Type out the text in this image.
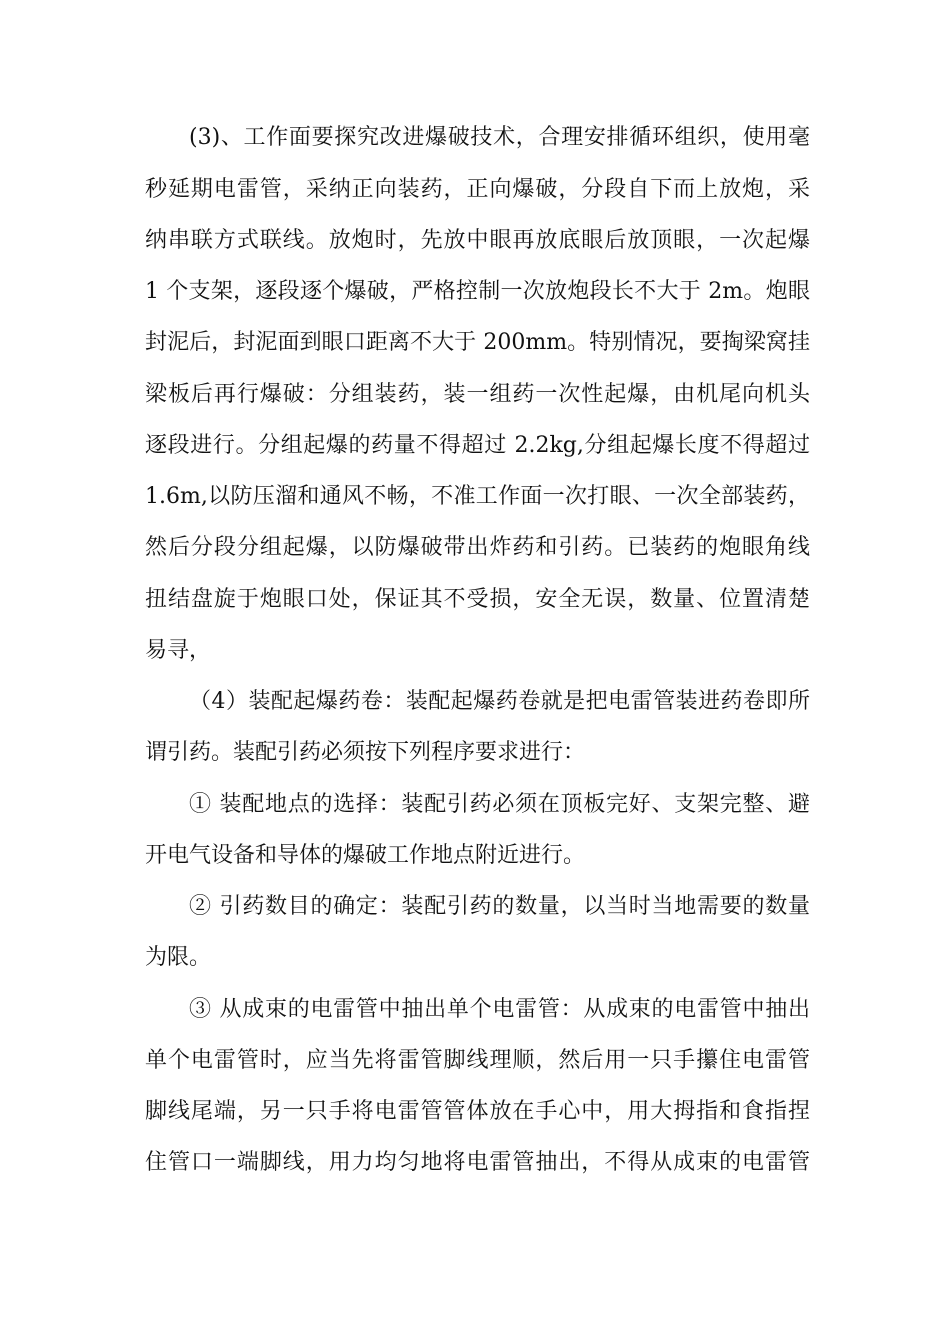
(3)、工作面要探究改进爆破技术，合理安排循环组织，使用毫
秒延期电雷管，采纳正向装药，正向爆破，分段自下而上放炮，采
纳串联方式联线。放炮时，先放中眼再放底眼后放顶眼，一次起爆
1 个支架，逐段逐个爆破，严格控制一次放炮段长不大于 2m。炮眼
封泥后，封泥面到眼口距离不大于 200mm。特别情况，要掏梁窝挂
梁板后再行爆破：分组装药，装一组药一次性起爆，由机尾向机头
逐段进行。分组起爆的药量不得超过 2.2kg,分组起爆长度不得超过
1.6m,以防压溜和通风不畅，不准工作面一次打眼、一次全部装药，
然后分段分组起爆，以防爆破带出炸药和引药。已装药的炮眼角线
扭结盘旋于炮眼口处，保证其不受损，安全无误，数量、位置清楚
易寻，
（4）装配起爆药卷：装配起爆药卷就是把电雷管装进药卷即所
谓引药。装配引药必须按下列程序要求进行：
① 装配地点的选择：装配引药必须在顶板完好、支架完整、避
开电气设备和导体的爆破工作地点附近进行。
② 引药数目的确定：装配引药的数量，以当时当地需要的数量
为限。
③ 从成束的电雷管中抽出单个电雷管：从成束的电雷管中抽出
单个电雷管时，应当先将雷管脚线理顺，然后用一只手攥住电雷管
脚线尾端，另一只手将电雷管管体放在手心中，用大拇指和食指捏
住管口一端脚线，用力均匀地将电雷管抽出，不得从成束的电雷管
